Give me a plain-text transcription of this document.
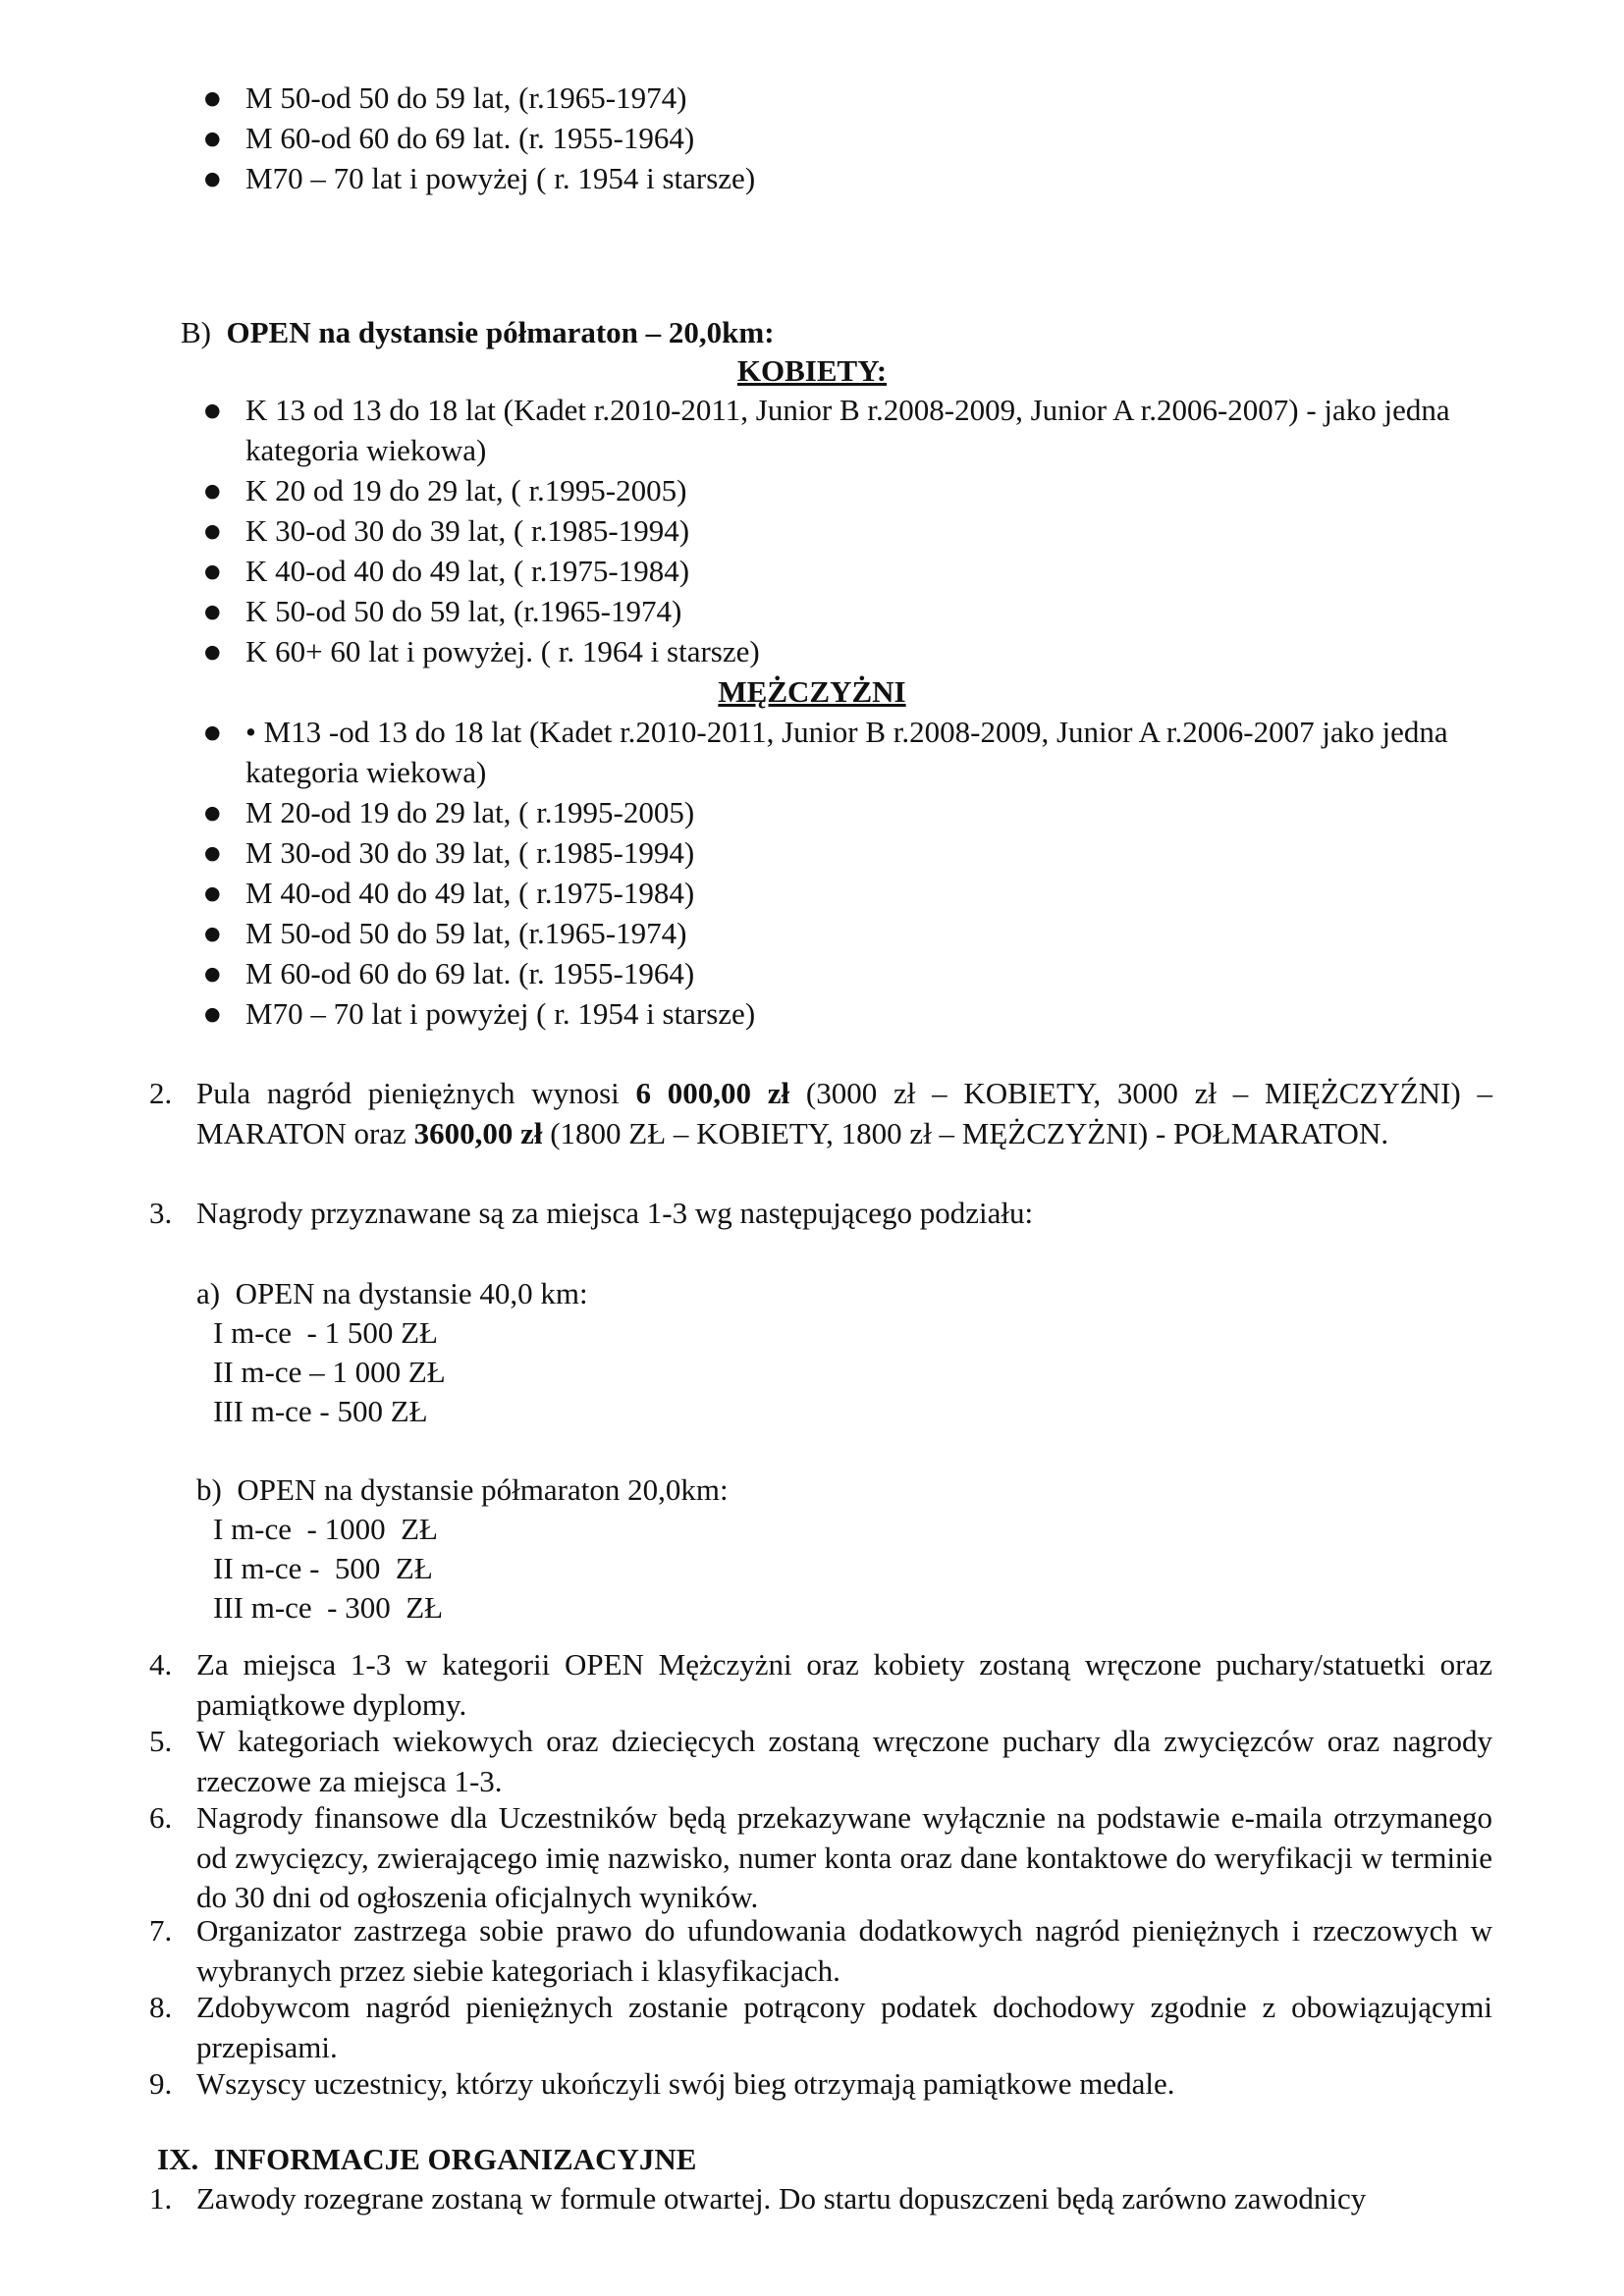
● M 50-od 50 do 59 lat, (r.1965-1974)
● M 60-od 60 do 69 lat. (r. 1955-1964)
● M70 – 70 lat i powyżej ( r. 1954 i starsze)
B) OPEN na dystansie półmaraton – 20,0km:
KOBIETY:
● K 13 od 13 do 18 lat (Kadet r.2010-2011, Junior B r.2008-2009, Junior A r.2006-2007) - jako jedna kategoria wiekowa)
● K 20 od 19 do 29 lat, ( r.1995-2005)
● K 30-od 30 do 39 lat, ( r.1985-1994)
● K 40-od 40 do 49 lat, ( r.1975-1984)
● K 50-od 50 do 59 lat, (r.1965-1974)
● K 60+ 60 lat i powyżej. ( r. 1964 i starsze)
MĘŻCZYŻNI
● • M13 -od 13 do 18 lat (Kadet r.2010-2011, Junior B r.2008-2009, Junior A r.2006-2007 jako jedna kategoria wiekowa)
● M 20-od 19 do 29 lat, ( r.1995-2005)
● M 30-od 30 do 39 lat, ( r.1985-1994)
● M 40-od 40 do 49 lat, ( r.1975-1984)
● M 50-od 50 do 59 lat, (r.1965-1974)
● M 60-od 60 do 69 lat. (r. 1955-1964)
● M70 – 70 lat i powyżej ( r. 1954 i starsze)
2. Pula nagród pieniężnych wynosi 6 000,00 zł (3000 zł – KOBIETY, 3000 zł – MIĘŻCZYŹNI) – MARATON oraz 3600,00 zł (1800 ZŁ – KOBIETY, 1800 zł – MĘŻCZYŻNI) - POŁMARATON.
3. Nagrody przyznawane są za miejsca 1-3 wg następującego podziału:
a) OPEN na dystansie 40,0 km:
I m-ce  - 1 500 ZŁ
II m-ce – 1 000 ZŁ
III m-ce - 500 ZŁ
b) OPEN na dystansie półmaraton 20,0km:
I m-ce  - 1000  ZŁ
II m-ce -  500  ZŁ
III m-ce  - 300  ZŁ
4. Za miejsca 1-3 w kategorii OPEN Mężczyżni oraz kobiety zostaną wręczone puchary/statuetki oraz pamiątkowe dyplomy.
5. W kategoriach wiekowych oraz dziecięcych zostaną wręczone puchary dla zwycięzców oraz nagrody rzeczowe za miejsca 1-3.
6. Nagrody finansowe dla Uczestników będą przekazywane wyłącznie na podstawie e-maila otrzymanego od zwycięzcy, zwierającego imię nazwisko, numer konta oraz dane kontaktowe do weryfikacji w terminie do 30 dni od ogłoszenia oficjalnych wyników.
7. Organizator zastrzega sobie prawo do ufundowania dodatkowych nagród pieniężnych i rzeczowych w wybranych przez siebie kategoriach i klasyfikacjach.
8. Zdobywcom nagród pieniężnych zostanie potrącony podatek dochodowy zgodnie z obowiązującymi przepisami.
9. Wszyscy uczestnicy, którzy ukończyli swój bieg otrzymają pamiątkowe medale.
IX.  INFORMACJE ORGANIZACYJNE
1. Zawody rozegrane zostaną w formule otwartej. Do startu dopuszczeni będą zarówno zawodnicy
